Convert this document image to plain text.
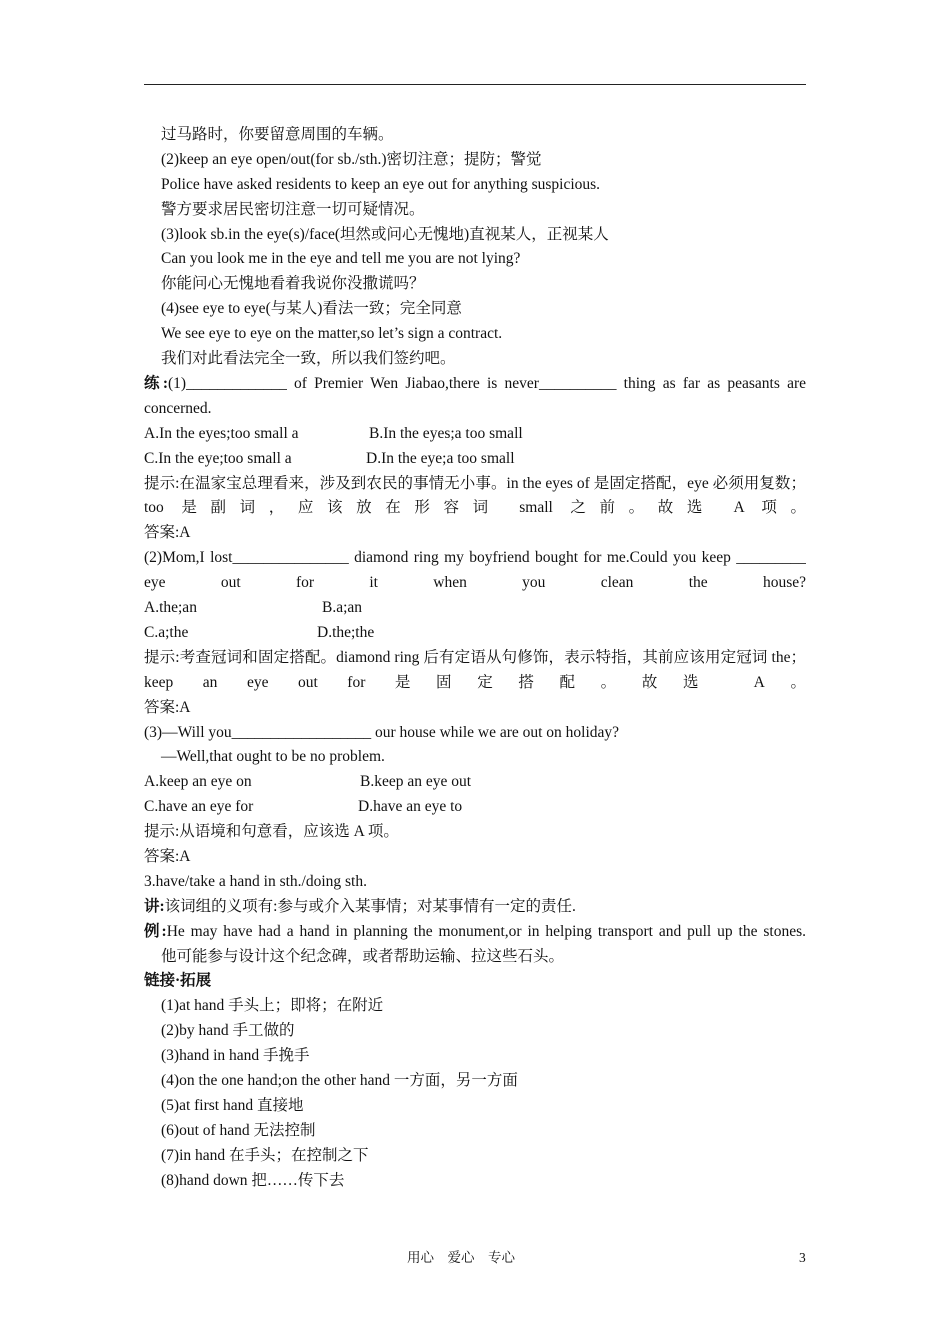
过马路时，你要留意周围的车辆。
(2)keep an eye open/out(for sb./sth.)密切注意；提防；警觉
Police have asked residents to keep an eye out for anything suspicious.
警方要求居民密切注意一切可疑情况。
(3)look sb.in the eye(s)/face(坦然或问心无愧地)直视某人，正视某人
Can you look me in the eye and tell me you are not lying?
你能问心无愧地看着我说你没撒谎吗？
(4)see eye to eye(与某人)看法一致；完全同意
We see eye to eye on the matter,so let’s sign a contract.
我们对此看法完全一致，所以我们签约吧。
练:(1)_____________ of Premier Wen Jiabao,there is never__________ thing as far as peasants are concerned.
A.In the eyes;too small a	B.In the eyes;a too small
C.In the eye;too small a	D.In the eye;a too small
提示:在温家宝总理看来，涉及到农民的事情无小事。in the eyes of 是固定搭配，eye 必须用复数；too 是副词，应该放在形容词 small 之前。故选 A 项。
答案:A
(2)Mom,I lost_______________ diamond ring my boyfriend bought for me.Could you keep _________ eye out for it when you clean the house?
A.the;an	B.a;an
C.a;the	D.the;the
提示:考查冠词和固定搭配。diamond ring 后有定语从句修饰，表示特指，其前应该用定冠词 the；keep an eye out for 是固定搭配。故选 A。
答案:A
(3)—Will you__________________ our house while we are out on holiday?
—Well,that ought to be no problem.
A.keep an eye on	B.keep an eye out
C.have an eye for	D.have an eye to
提示:从语境和句意看，应该选 A 项。
答案:A
3.have/take a hand in sth./doing sth.
讲:该词组的义项有:参与或介入某事情；对某事情有一定的责任.
例:He may have had a hand in planning the monument,or in helping transport and pull up the stones.
他可能参与设计这个纪念碑，或者帮助运输、拉这些石头。
链接·拓展
(1)at hand 手头上；即将；在附近
(2)by hand 手工做的
(3)hand in hand 手挽手
(4)on the one hand;on the other hand 一方面，另一方面
(5)at first hand 直接地
(6)out of hand 无法控制
(7)in hand 在手头；在控制之下
(8)hand down 把……传下去
用心　爱心　专心	3
